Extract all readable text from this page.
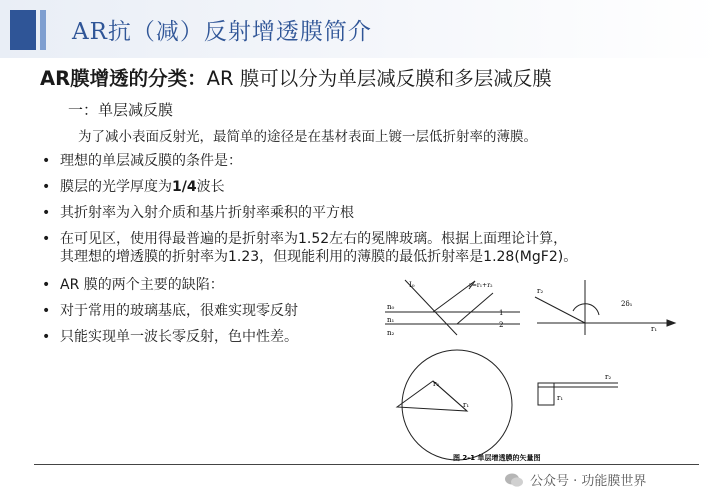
AR抗（减）反射增透膜简介
AR膜增透的分类：AR 膜可以分为单层减反膜和多层减反膜
一：单层减反膜
为了减小表面反射光，最简单的途径是在基材表面上镀一层低折射率的薄膜。
• 理想的单层减反膜的条件是：
• 膜层的光学厚度为1/4波长
• 其折射率为入射介质和基片折射率乘积的平方根
• 在可见区，使用得最普遍的是折射率为1.52左右的冕牌玻璃。根据上面理论计算，
其理想的增透膜的折射率为1.23，但现能利用的薄膜的最低折射率是1.28(MgF2)。
• AR 膜的两个主要的缺陷：
• 对于常用的玻璃基底，很难实现零反射
• 只能实现单一波长零反射，色中性差。
n₀
n₁
n₂
I₀	r=r₁+r₂
1
2
r₂
2δ₁
r₁
r₂
r₁
r₂
r₁
图 2-1 单层增透膜的矢量图
公众号 · 功能膜世界
